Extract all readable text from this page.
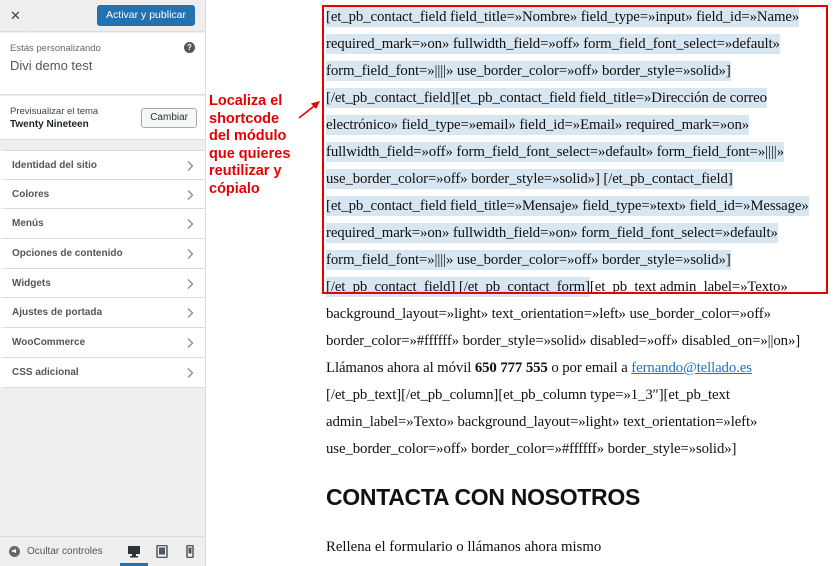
✕	Activar y publicar
Estás personalizando
Divi demo test
?
Previsualizar el tema
Twenty Nineteen
Cambiar
Identidad del sitio
Colores
Menús
Opciones de contenido
Widgets
Ajustes de portada
WooCommerce
CSS adicional
Ocultar controles
Localiza el
shortcode
del módulo
que quieres
reutilizar y
cópialo
[et_pb_contact_field field_title=»Nombre» field_type=»input» field_id=»Name»
required_mark=»on» fullwidth_field=»off» form_field_font_select=»default»
form_field_font=»||||» use_border_color=»off» border_style=»solid»]
[/et_pb_contact_field][et_pb_contact_field field_title=»Dirección de correo
electrónico» field_type=»email» field_id=»Email» required_mark=»on»
fullwidth_field=»off» form_field_font_select=»default» form_field_font=»||||»
use_border_color=»off» border_style=»solid»] [/et_pb_contact_field]
[et_pb_contact_field field_title=»Mensaje» field_type=»text» field_id=»Message»
required_mark=»on» fullwidth_field=»on» form_field_font_select=»default»
form_field_font=»||||» use_border_color=»off» border_style=»solid»]
[/et_pb_contact_field] [/et_pb_contact_form][et_pb_text admin_label=»Texto»
background_layout=»light» text_orientation=»left» use_border_color=»off»
border_color=»#ffffff» border_style=»solid» disabled=»off» disabled_on=»||on»]
Llámanos ahora al móvil 650 777 555 o por email a fernando@tellado.es
[/et_pb_text][/et_pb_column][et_pb_column type=»1_3″][et_pb_text
admin_label=»Texto» background_layout=»light» text_orientation=»left»
use_border_color=»off» border_color=»#ffffff» border_style=»solid»]
CONTACTA CON NOSOTROS
Rellena el formulario o llámanos ahora mismo
